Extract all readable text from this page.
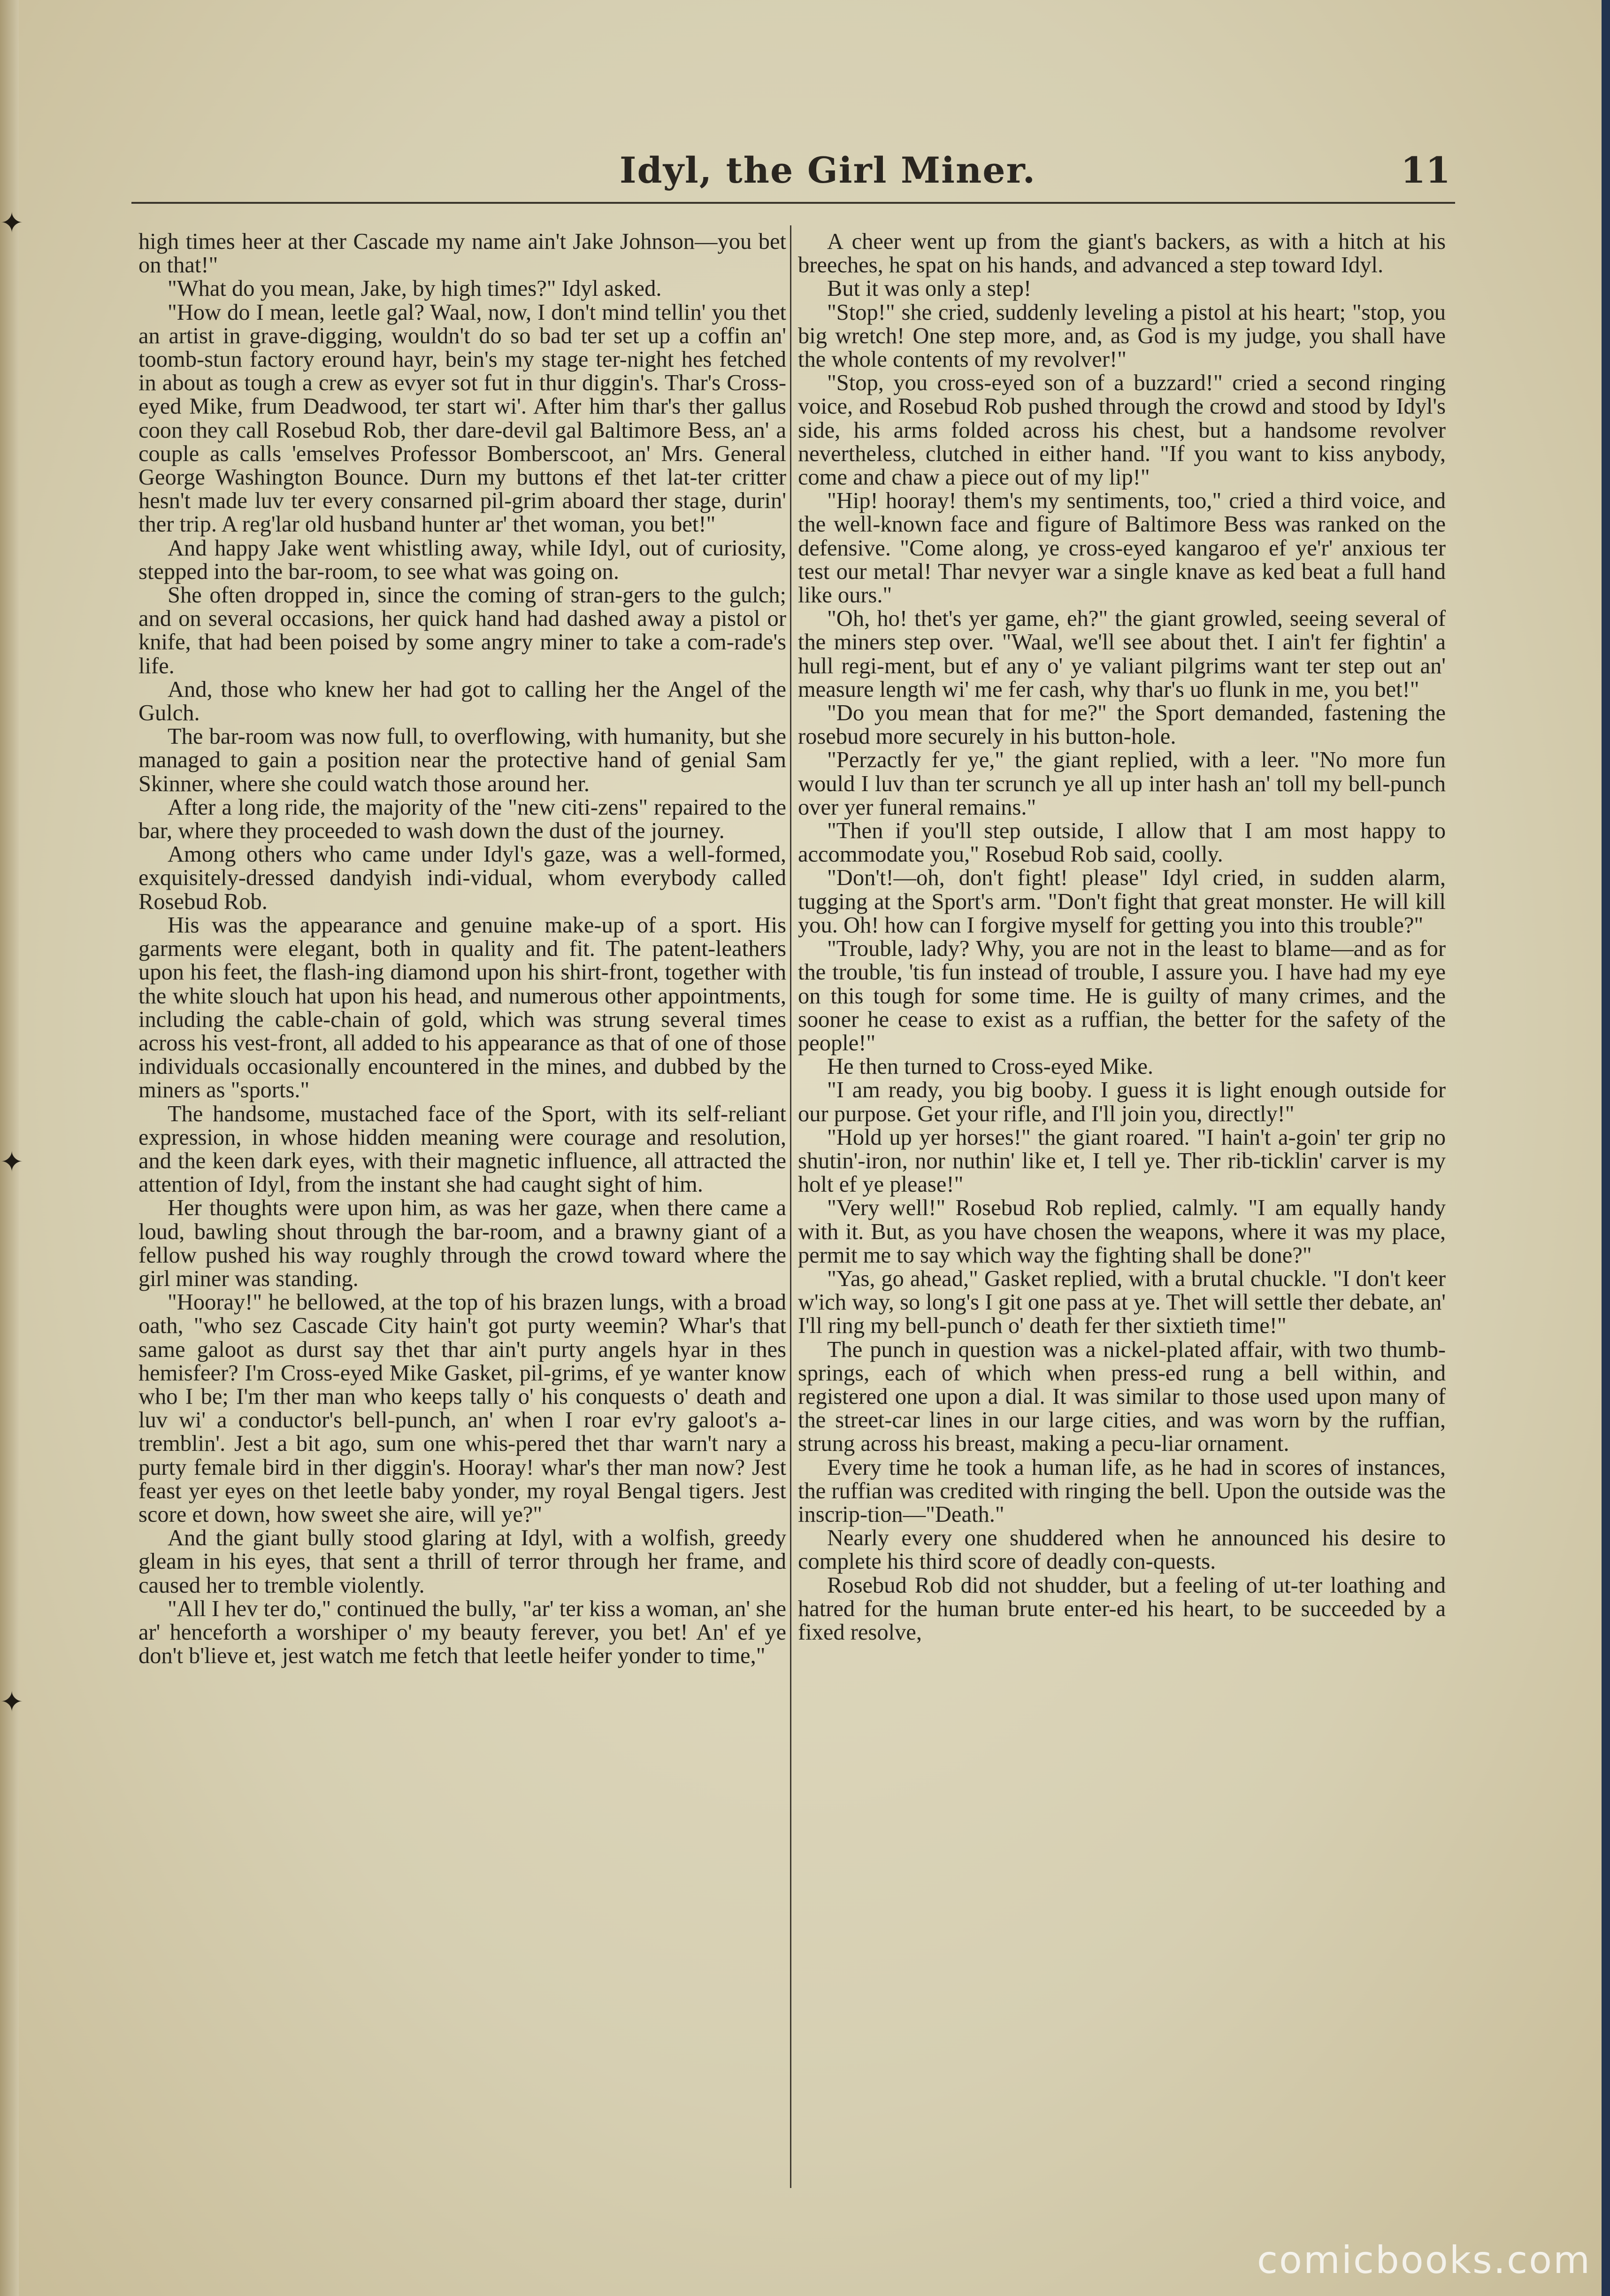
✦
✦
✦
Idyl, the Girl Miner.	11

high times heer at ther Cascade my name ain't Jake Johnson—you bet on that!"

"What do you mean, Jake, by high times?" Idyl asked.

"How do I mean, leetle gal? Waal, now, I don't mind tellin' you thet an artist in grave-digging, wouldn't do so bad ter set up a coffin an' toomb-stun factory eround hayr, bein's my stage ter-night hes fetched in about as tough a crew as evyer sot fut in thur diggin's. Thar's Cross-eyed Mike, frum Deadwood, ter start wi'. After him thar's ther gallus coon they call Rosebud Rob, ther dare-devil gal Baltimore Bess, an' a couple as calls 'emselves Professor Bomberscoot, an' Mrs. General George Washington Bounce. Durn my buttons ef thet lat-ter critter hesn't made luv ter every consarned pil-grim aboard ther stage, durin' ther trip. A reg'lar old husband hunter ar' thet woman, you bet!"

And happy Jake went whistling away, while Idyl, out of curiosity, stepped into the bar-room, to see what was going on.

She often dropped in, since the coming of stran-gers to the gulch; and on several occasions, her quick hand had dashed away a pistol or knife, that had been poised by some angry miner to take a com-rade's life.

And, those who knew her had got to calling her the Angel of the Gulch.

The bar-room was now full, to overflowing, with humanity, but she managed to gain a position near the protective hand of genial Sam Skinner, where she could watch those around her.

After a long ride, the majority of the "new citi-zens" repaired to the bar, where they proceeded to wash down the dust of the journey.

Among others who came under Idyl's gaze, was a well-formed, exquisitely-dressed dandyish indi-vidual, whom everybody called Rosebud Rob.

His was the appearance and genuine make-up of a sport. His garments were elegant, both in quality and fit. The patent-leathers upon his feet, the flash-ing diamond upon his shirt-front, together with the white slouch hat upon his head, and numerous other appointments, including the cable-chain of gold, which was strung several times across his vest-front, all added to his appearance as that of one of those individuals occasionally encountered in the mines, and dubbed by the miners as "sports."

The handsome, mustached face of the Sport, with its self-reliant expression, in whose hidden meaning were courage and resolution, and the keen dark eyes, with their magnetic influence, all attracted the attention of Idyl, from the instant she had caught sight of him.

Her thoughts were upon him, as was her gaze, when there came a loud, bawling shout through the bar-room, and a brawny giant of a fellow pushed his way roughly through the crowd toward where the girl miner was standing.

"Hooray!" he bellowed, at the top of his brazen lungs, with a broad oath, "who sez Cascade City hain't got purty weemin? Whar's that same galoot as durst say thet thar ain't purty angels hyar in thes hemisfeer? I'm Cross-eyed Mike Gasket, pil-grims, ef ye wanter know who I be; I'm ther man who keeps tally o' his conquests o' death and luv wi' a conductor's bell-punch, an' when I roar ev'ry galoot's a-tremblin'. Jest a bit ago, sum one whis-pered thet thar warn't nary a purty female bird in ther diggin's. Hooray! whar's ther man now? Jest feast yer eyes on thet leetle baby yonder, my royal Bengal tigers. Jest score et down, how sweet she aire, will ye?"

And the giant bully stood glaring at Idyl, with a wolfish, greedy gleam in his eyes, that sent a thrill of terror through her frame, and caused her to tremble violently.

"All I hev ter do," continued the bully, "ar' ter kiss a woman, an' she ar' henceforth a worshiper o' my beauty ferever, you bet! An' ef ye don't b'lieve et, jest watch me fetch that leetle heifer yonder to time,"

A cheer went up from the giant's backers, as with a hitch at his breeches, he spat on his hands, and advanced a step toward Idyl.

But it was only a step!

"Stop!" she cried, suddenly leveling a pistol at his heart; "stop, you big wretch! One step more, and, as God is my judge, you shall have the whole contents of my revolver!"

"Stop, you cross-eyed son of a buzzard!" cried a second ringing voice, and Rosebud Rob pushed through the crowd and stood by Idyl's side, his arms folded across his chest, but a handsome revolver nevertheless, clutched in either hand. "If you want to kiss anybody, come and chaw a piece out of my lip!"

"Hip! hooray! them's my sentiments, too," cried a third voice, and the well-known face and figure of Baltimore Bess was ranked on the defensive. "Come along, ye cross-eyed kangaroo ef ye'r' anxious ter test our metal! Thar nevyer war a single knave as ked beat a full hand like ours."

"Oh, ho! thet's yer game, eh?" the giant growled, seeing several of the miners step over. "Waal, we'll see about thet. I ain't fer fightin' a hull regi-ment, but ef any o' ye valiant pilgrims want ter step out an' measure length wi' me fer cash, why thar's uo flunk in me, you bet!"

"Do you mean that for me?" the Sport demanded, fastening the rosebud more securely in his button-hole.

"Perzactly fer ye," the giant replied, with a leer. "No more fun would I luv than ter scrunch ye all up inter hash an' toll my bell-punch over yer funeral remains."

"Then if you'll step outside, I allow that I am most happy to accommodate you," Rosebud Rob said, coolly.

"Don't!—oh, don't fight! please" Idyl cried, in sudden alarm, tugging at the Sport's arm. "Don't fight that great monster. He will kill you. Oh! how can I forgive myself for getting you into this trouble?"

"Trouble, lady? Why, you are not in the least to blame—and as for the trouble, 'tis fun instead of trouble, I assure you. I have had my eye on this tough for some time. He is guilty of many crimes, and the sooner he cease to exist as a ruffian, the better for the safety of the people!"

He then turned to Cross-eyed Mike.

"I am ready, you big booby. I guess it is light enough outside for our purpose. Get your rifle, and I'll join you, directly!"

"Hold up yer horses!" the giant roared. "I hain't a-goin' ter grip no shutin'-iron, nor nuthin' like et, I tell ye. Ther rib-ticklin' carver is my holt ef ye please!"

"Very well!" Rosebud Rob replied, calmly. "I am equally handy with it. But, as you have chosen the weapons, where it was my place, permit me to say which way the fighting shall be done?"

"Yas, go ahead," Gasket replied, with a brutal chuckle. "I don't keer w'ich way, so long's I git one pass at ye. Thet will settle ther debate, an' I'll ring my bell-punch o' death fer ther sixtieth time!"

The punch in question was a nickel-plated affair, with two thumb-springs, each of which when press-ed rung a bell within, and registered one upon a dial. It was similar to those used upon many of the street-car lines in our large cities, and was worn by the ruffian, strung across his breast, making a pecu-liar ornament.

Every time he took a human life, as he had in scores of instances, the ruffian was credited with ringing the bell. Upon the outside was the inscrip-tion—"Death."

Nearly every one shuddered when he announced his desire to complete his third score of deadly con-quests.

Rosebud Rob did not shudder, but a feeling of ut-ter loathing and hatred for the human brute enter-ed his heart, to be succeeded by a fixed resolve,

comicbooks.com
